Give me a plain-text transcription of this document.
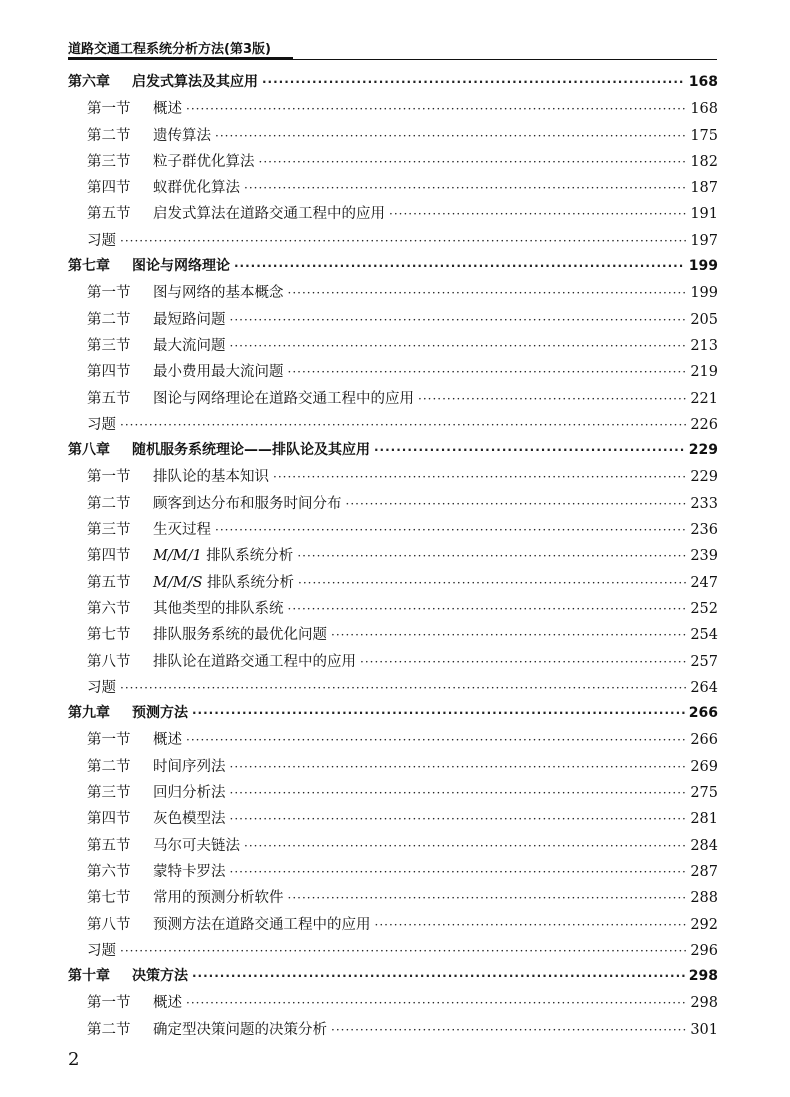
道路交通工程系统分析方法(第3版)
第六章	启发式算法及其应用 ·····	168
第一节	概述 ·····	168
第二节	遗传算法 ·····	175
第三节	粒子群优化算法 ·····	182
第四节	蚁群优化算法 ·····	187
第五节	启发式算法在道路交通工程中的应用 ·····	191
习题 ·····	197
第七章	图论与网络理论 ·····	199
第一节	图与网络的基本概念 ·····	199
第二节	最短路问题 ·····	205
第三节	最大流问题 ·····	213
第四节	最小费用最大流问题 ·····	219
第五节	图论与网络理论在道路交通工程中的应用 ·····	221
习题 ·····	226
第八章	随机服务系统理论——排队论及其应用 ·····	229
第一节	排队论的基本知识 ·····	229
第二节	顾客到达分布和服务时间分布 ·····	233
第三节	生灭过程 ·····	236
第四节	M/M/1 排队系统分析 ·····	239
第五节	M/M/S 排队系统分析 ·····	247
第六节	其他类型的排队系统 ·····	252
第七节	排队服务系统的最优化问题 ·····	254
第八节	排队论在道路交通工程中的应用 ·····	257
习题 ·····	264
第九章	预测方法 ·····	266
第一节	概述 ·····	266
第二节	时间序列法 ·····	269
第三节	回归分析法 ·····	275
第四节	灰色模型法 ·····	281
第五节	马尔可夫链法 ·····	284
第六节	蒙特卡罗法 ·····	287
第七节	常用的预测分析软件 ·····	288
第八节	预测方法在道路交通工程中的应用 ·····	292
习题 ·····	296
第十章	决策方法 ·····	298
第一节	概述 ·····	298
第二节	确定型决策问题的决策分析 ·····	301
2
